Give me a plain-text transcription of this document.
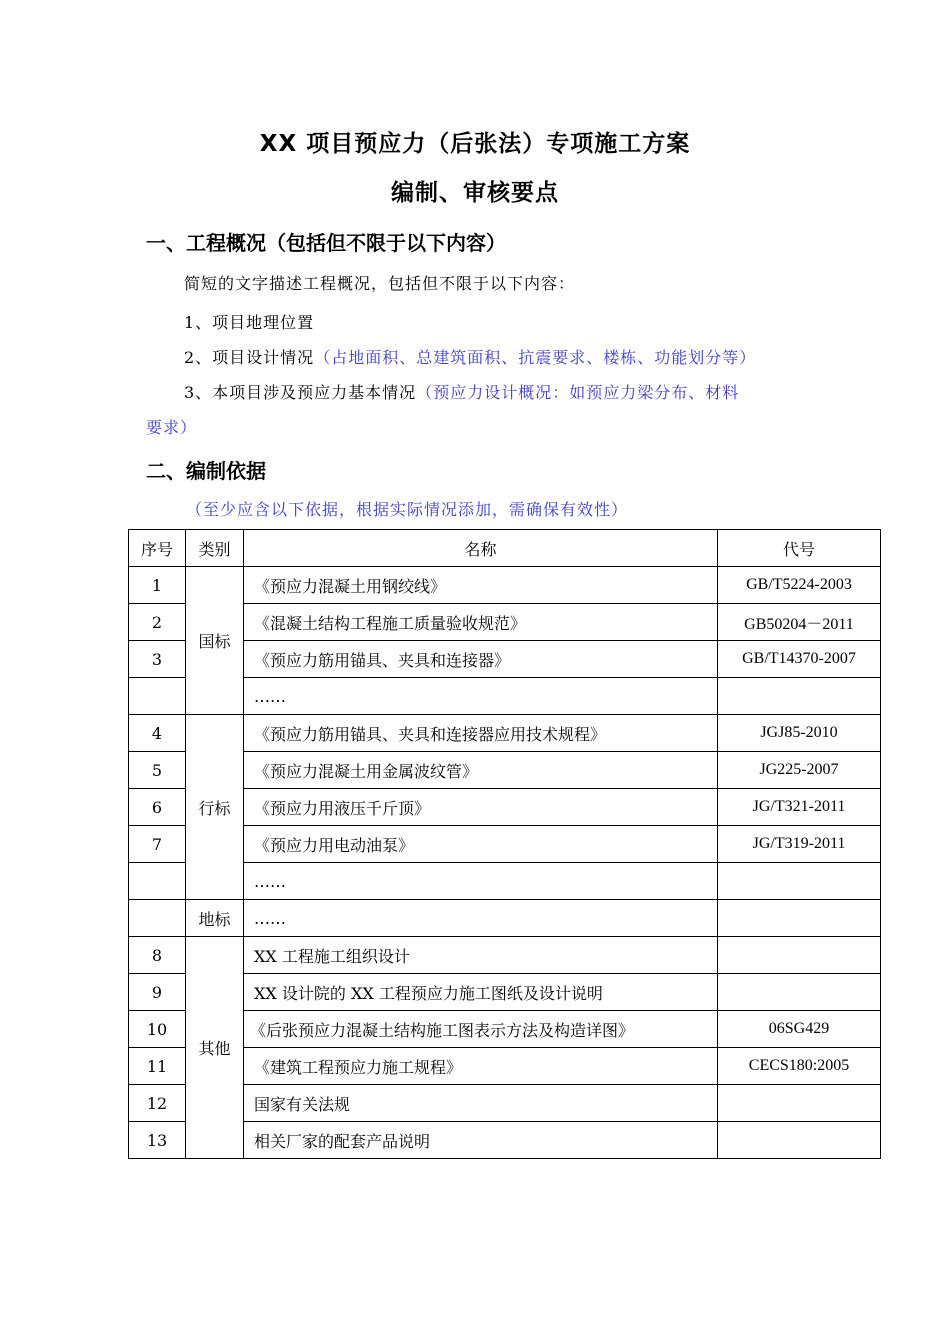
XX 项目预应力（后张法）专项施工方案
编制、审核要点
一、工程概况（包括但不限于以下内容）
简短的文字描述工程概况，包括但不限于以下内容：
1、项目地理位置
2、项目设计情况（占地面积、总建筑面积、抗震要求、楼栋、功能划分等）
3、本项目涉及预应力基本情况（预应力设计概况：如预应力梁分布、材料
要求）
二、编制依据
（至少应含以下依据，根据实际情况添加，需确保有效性）
序号	类别	名称	代号
1	国标	《预应力混凝土用钢绞线》	GB/T5224-2003
2		《混凝土结构工程施工质量验收规范》	GB50204－2011
3		《预应力筋用锚具、夹具和连接器》	GB/T14370-2007
		……	
4	行标	《预应力筋用锚具、夹具和连接器应用技术规程》	JGJ85-2010
5		《预应力混凝土用金属波纹管》	JG225-2007
6		《预应力用液压千斤顶》	JG/T321-2011
7		《预应力用电动油泵》	JG/T319-2011
		……	
	地标	……	
8	其他	XX 工程施工组织设计	
9		XX 设计院的 XX 工程预应力施工图纸及设计说明	
10		《后张预应力混凝土结构施工图表示方法及构造详图》	06SG429
11		《建筑工程预应力施工规程》	CECS180:2005
12		国家有关法规	
13		相关厂家的配套产品说明	
